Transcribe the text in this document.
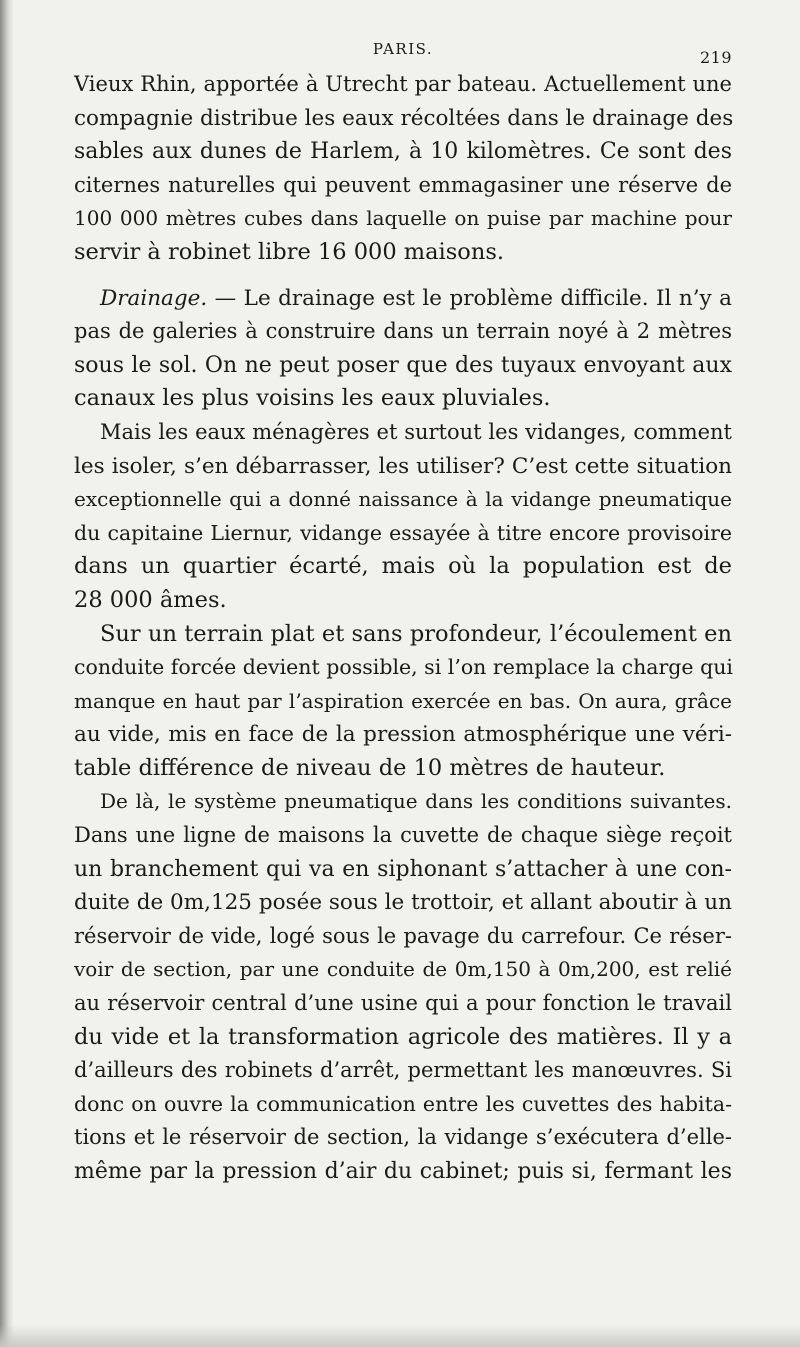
PARIS.	219
Vieux Rhin, apportée à Utrecht par bateau. Actuellement une
compagnie distribue les eaux récoltées dans le drainage des
sables aux dunes de Harlem, à 10 kilomètres. Ce sont des
citernes naturelles qui peuvent emmagasiner une réserve de
100 000 mètres cubes dans laquelle on puise par machine pour
servir à robinet libre 16 000 maisons.
Drainage. — Le drainage est le problème difficile. Il n’y a
pas de galeries à construire dans un terrain noyé à 2 mètres
sous le sol. On ne peut poser que des tuyaux envoyant aux
canaux les plus voisins les eaux pluviales.
Mais les eaux ménagères et surtout les vidanges, comment
les isoler, s’en débarrasser, les utiliser? C’est cette situation
exceptionnelle qui a donné naissance à la vidange pneumatique
du capitaine Liernur, vidange essayée à titre encore provisoire
dans un quartier écarté, mais où la population est de
28 000 âmes.
Sur un terrain plat et sans profondeur, l’écoulement en
conduite forcée devient possible, si l’on remplace la charge qui
manque en haut par l’aspiration exercée en bas. On aura, grâce
au vide, mis en face de la pression atmosphérique une véri-
table différence de niveau de 10 mètres de hauteur.
De là, le système pneumatique dans les conditions suivantes.
Dans une ligne de maisons la cuvette de chaque siège reçoit
un branchement qui va en siphonant s’attacher à une con-
duite de 0m,125 posée sous le trottoir, et allant aboutir à un
réservoir de vide, logé sous le pavage du carrefour. Ce réser-
voir de section, par une conduite de 0m,150 à 0m,200, est relié
au réservoir central d’une usine qui a pour fonction le travail
du vide et la transformation agricole des matières. Il y a
d’ailleurs des robinets d’arrêt, permettant les manœuvres. Si
donc on ouvre la communication entre les cuvettes des habita-
tions et le réservoir de section, la vidange s’exécutera d’elle-
même par la pression d’air du cabinet; puis si, fermant les
